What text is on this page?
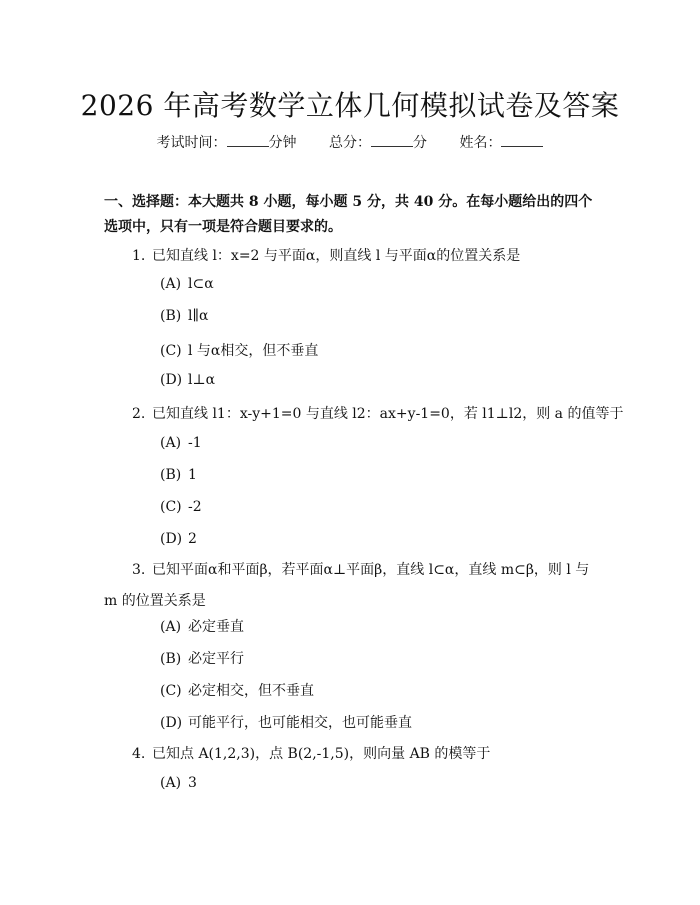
2026 年高考数学立体几何模拟试卷及答案
考试时间：	分钟 总分：	分 姓名：
一、选择题：本大题共 8 小题，每小题 5 分，共 40 分。在每小题给出的四个选项中，只有一项是符合题目要求的。
1. 已知直线 l：x=2 与平面α，则直线 l 与平面α的位置关系是
(A) l⊂α
(B) l∥α
(C) l 与α相交，但不垂直
(D) l⊥α
2. 已知直线 l1：x-y+1=0 与直线 l2：ax+y-1=0，若 l1⊥l2，则 a 的值等于
(A) -1
(B) 1
(C) -2
(D) 2
3. 已知平面α和平面β，若平面α⊥平面β，直线 l⊂α，直线 m⊂β，则 l 与 m 的位置关系是
(A) 必定垂直
(B) 必定平行
(C) 必定相交，但不垂直
(D) 可能平行，也可能相交，也可能垂直
4. 已知点 A(1,2,3)，点 B(2,-1,5)，则向量 AB 的模等于
(A) 3
